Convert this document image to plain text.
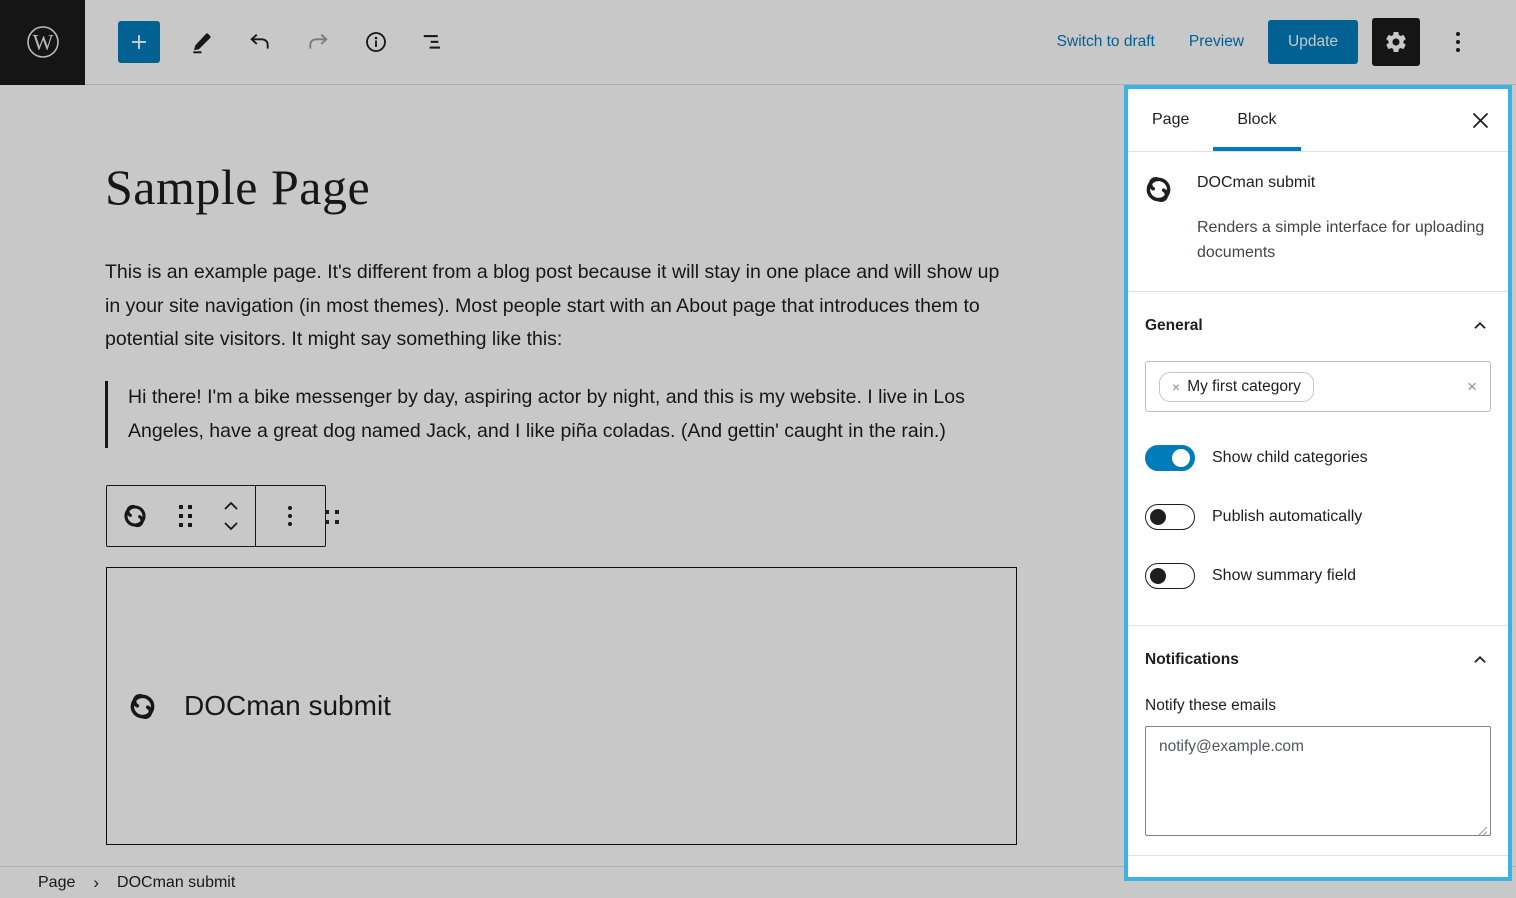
W	Switch to draft	Preview	Update
Sample Page

This is an example page. It's different from a blog post because it will stay in one place and will show up in your site navigation (in most themes). Most people start with an About page that introduces them to potential site visitors. It might say something like this:

Hi there! I'm a bike messenger by day, aspiring actor by night, and this is my website. I live in Los Angeles, have a great dog named Jack, and I like piña coladas. (And gettin' caught in the rain.)
DOCman submit
Page › DOCman submit
Page	Block
DOCman submit
Renders a simple interface for uploading documents
General
× My first category	×
Show child categories
Publish automatically
Show summary field
Notifications
Notify these emails
notify@example.com
